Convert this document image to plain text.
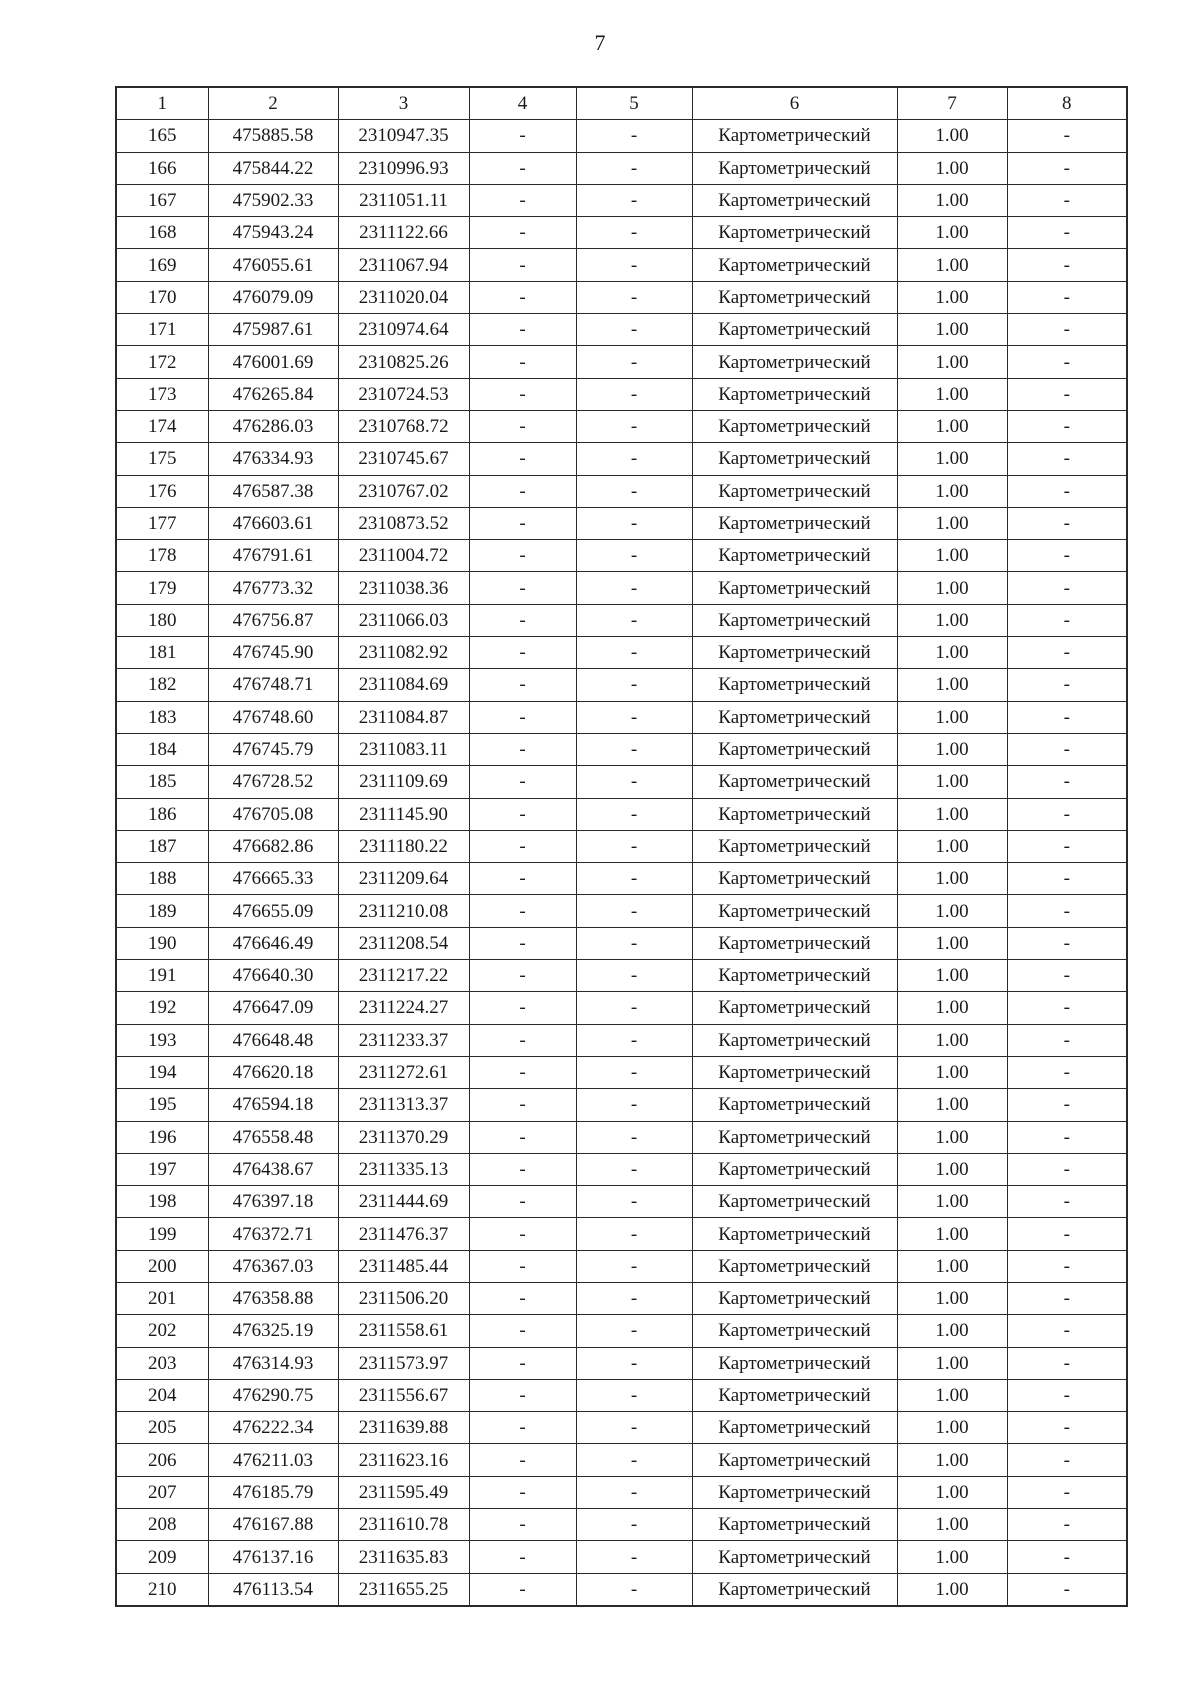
7
1	2	3	4	5	6	7	8
165	475885.58	2310947.35	-	-	Картометрический	1.00	-
166	475844.22	2310996.93	-	-	Картометрический	1.00	-
167	475902.33	2311051.11	-	-	Картометрический	1.00	-
168	475943.24	2311122.66	-	-	Картометрический	1.00	-
169	476055.61	2311067.94	-	-	Картометрический	1.00	-
170	476079.09	2311020.04	-	-	Картометрический	1.00	-
171	475987.61	2310974.64	-	-	Картометрический	1.00	-
172	476001.69	2310825.26	-	-	Картометрический	1.00	-
173	476265.84	2310724.53	-	-	Картометрический	1.00	-
174	476286.03	2310768.72	-	-	Картометрический	1.00	-
175	476334.93	2310745.67	-	-	Картометрический	1.00	-
176	476587.38	2310767.02	-	-	Картометрический	1.00	-
177	476603.61	2310873.52	-	-	Картометрический	1.00	-
178	476791.61	2311004.72	-	-	Картометрический	1.00	-
179	476773.32	2311038.36	-	-	Картометрический	1.00	-
180	476756.87	2311066.03	-	-	Картометрический	1.00	-
181	476745.90	2311082.92	-	-	Картометрический	1.00	-
182	476748.71	2311084.69	-	-	Картометрический	1.00	-
183	476748.60	2311084.87	-	-	Картометрический	1.00	-
184	476745.79	2311083.11	-	-	Картометрический	1.00	-
185	476728.52	2311109.69	-	-	Картометрический	1.00	-
186	476705.08	2311145.90	-	-	Картометрический	1.00	-
187	476682.86	2311180.22	-	-	Картометрический	1.00	-
188	476665.33	2311209.64	-	-	Картометрический	1.00	-
189	476655.09	2311210.08	-	-	Картометрический	1.00	-
190	476646.49	2311208.54	-	-	Картометрический	1.00	-
191	476640.30	2311217.22	-	-	Картометрический	1.00	-
192	476647.09	2311224.27	-	-	Картометрический	1.00	-
193	476648.48	2311233.37	-	-	Картометрический	1.00	-
194	476620.18	2311272.61	-	-	Картометрический	1.00	-
195	476594.18	2311313.37	-	-	Картометрический	1.00	-
196	476558.48	2311370.29	-	-	Картометрический	1.00	-
197	476438.67	2311335.13	-	-	Картометрический	1.00	-
198	476397.18	2311444.69	-	-	Картометрический	1.00	-
199	476372.71	2311476.37	-	-	Картометрический	1.00	-
200	476367.03	2311485.44	-	-	Картометрический	1.00	-
201	476358.88	2311506.20	-	-	Картометрический	1.00	-
202	476325.19	2311558.61	-	-	Картометрический	1.00	-
203	476314.93	2311573.97	-	-	Картометрический	1.00	-
204	476290.75	2311556.67	-	-	Картометрический	1.00	-
205	476222.34	2311639.88	-	-	Картометрический	1.00	-
206	476211.03	2311623.16	-	-	Картометрический	1.00	-
207	476185.79	2311595.49	-	-	Картометрический	1.00	-
208	476167.88	2311610.78	-	-	Картометрический	1.00	-
209	476137.16	2311635.83	-	-	Картометрический	1.00	-
210	476113.54	2311655.25	-	-	Картометрический	1.00	-
